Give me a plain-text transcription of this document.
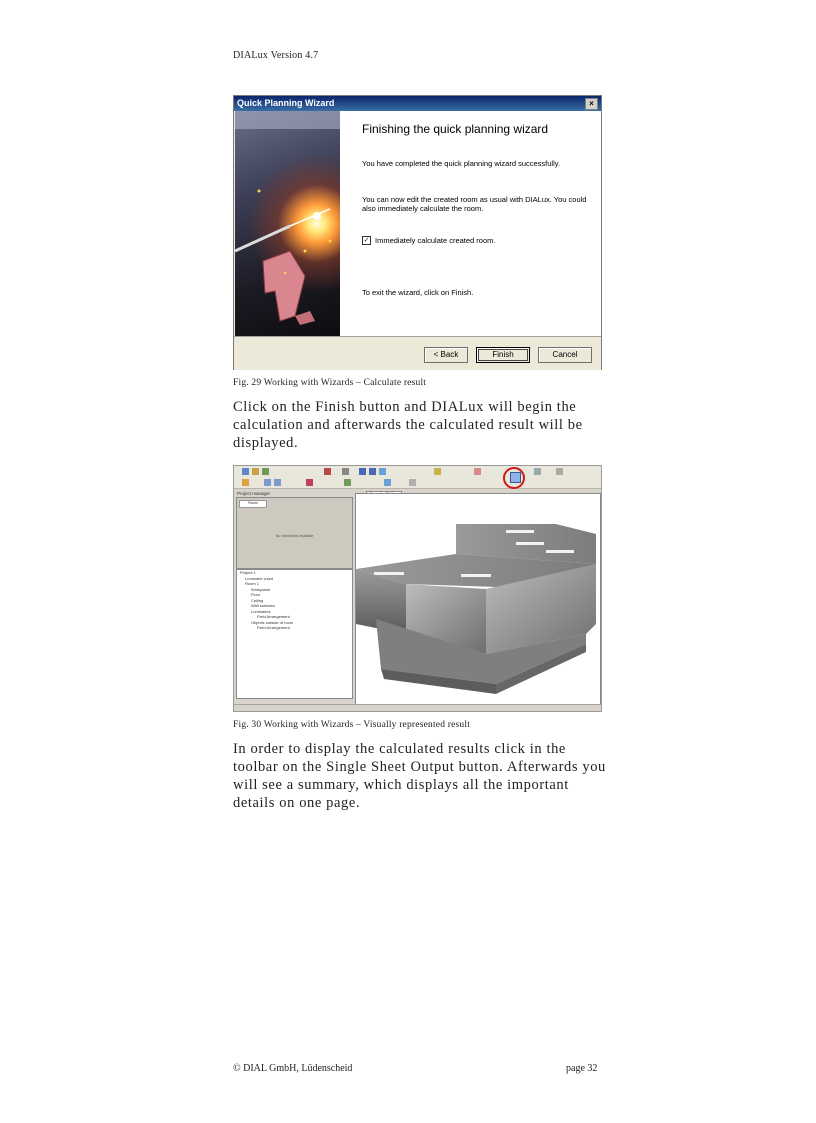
DIALux Version 4.7
Quick Planning Wizard	×
Finishing the quick planning wizard
You have completed the quick planning wizard successfully.
You can now edit the created room as usual with DIALux. You could also immediately calculate the room.
✓ Immediately calculate created room.
To exit the wizard, click on Finish.
< Back	Finish	Cancel
Fig. 29 Working with Wizards – Calculate result
Click on the Finish button and DIALux will begin the calculation and afterwards the calculated result will be displayed.
Project manager
Room
No information available
Project 1
Luminaire Used
Room 1
Workplane
Floor
Ceiling
Wall surfaces
Luminaires
Field Arrangement
Objects outside of room
Field Arrangement
Fig. 30 Working with Wizards – Visually represented result
In order to display the calculated results click in the toolbar on the Single Sheet Output button. Afterwards you will see a summary, which displays all the important details on one page.
© DIAL GmbH, Lüdenscheid	page 32
